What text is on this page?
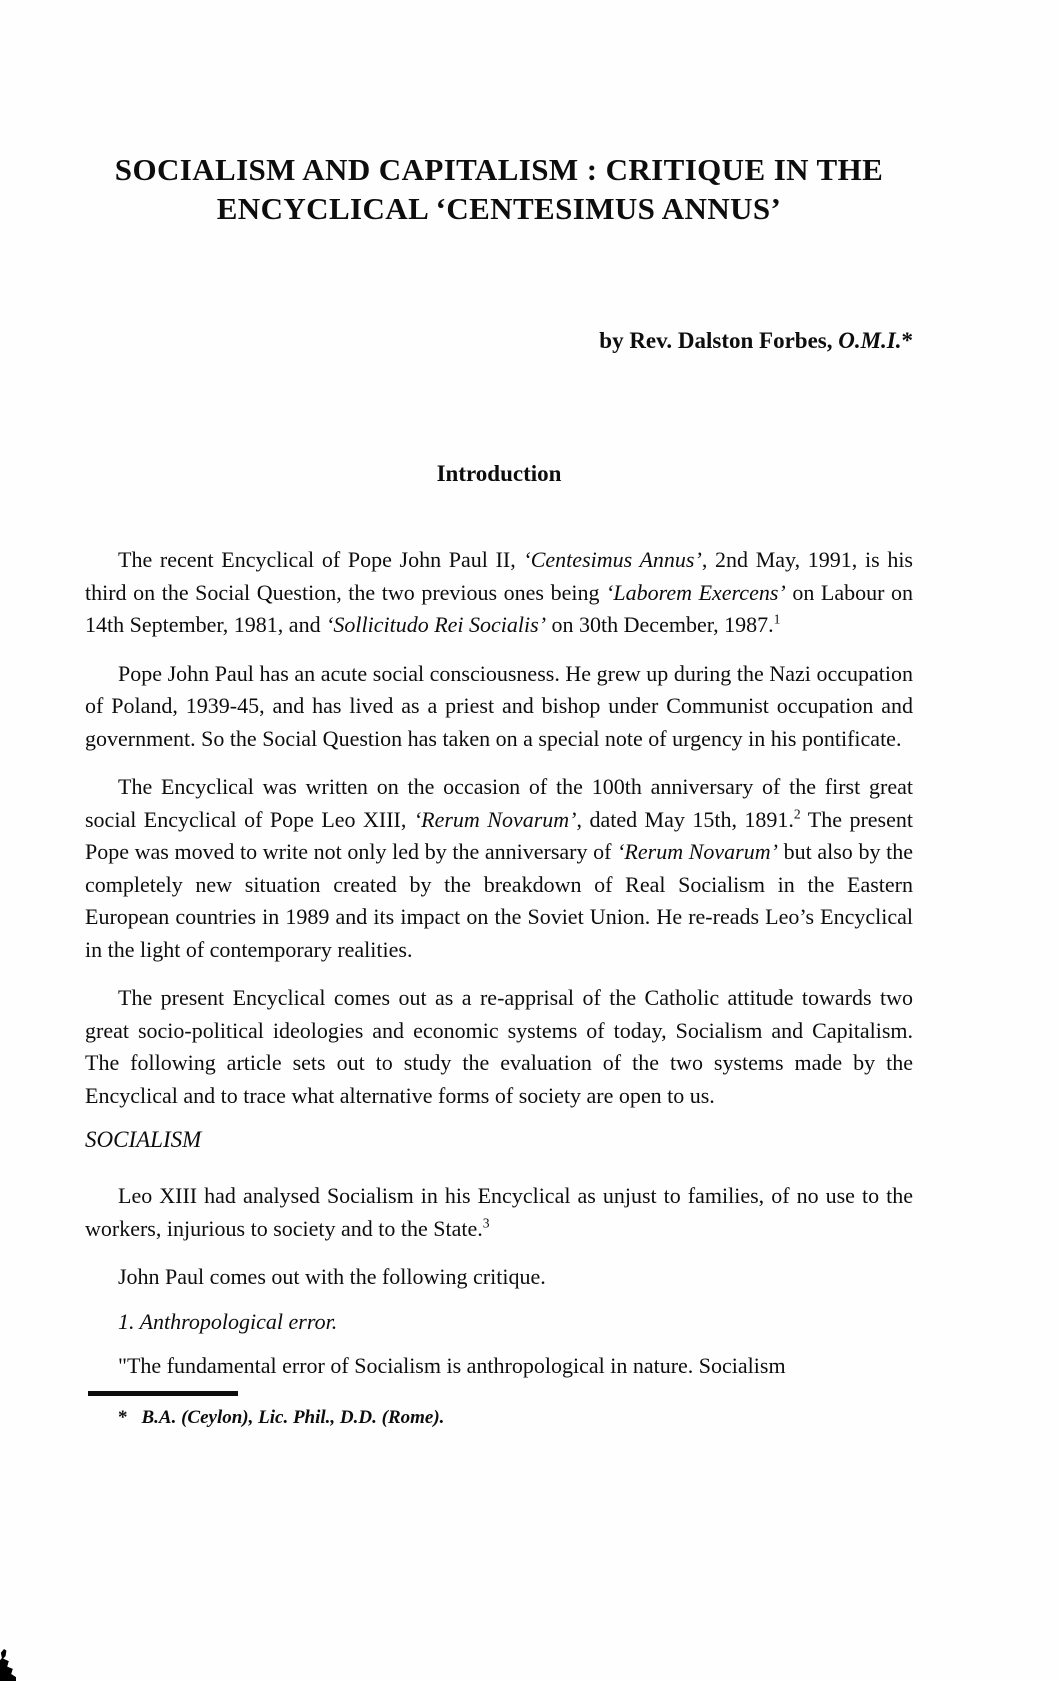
SOCIALISM AND CAPITALISM : CRITIQUE IN THE
ENCYCLICAL ‘CENTESIMUS ANNUS’
by Rev. Dalston Forbes, O.M.I.*
Introduction

The recent Encyclical of Pope John Paul II, ‘Centesimus Annus’, 2nd May, 1991, is his third on the Social Question, the two previous ones being ‘Laborem Exercens’ on Labour on 14th September, 1981, and ‘Sollicitudo Rei Socialis’ on 30th December, 1987.$^1$

Pope John Paul has an acute social consciousness. He grew up during the Nazi occupation of Poland, 1939-45, and has lived as a priest and bishop under Communist occupation and government. So the Social Question has taken on a special note of urgency in his pontificate.

The Encyclical was written on the occasion of the 100th anniversary of the first great social Encyclical of Pope Leo XIII, ‘Rerum Novarum’, dated May 15th, 1891.$^2$ The present Pope was moved to write not only led by the anniversary of ‘Rerum Novarum’ but also by the completely new situation created by the breakdown of Real Socialism in the Eastern European countries in 1989 and its impact on the Soviet Union. He re-reads Leo’s Encyclical in the light of contemporary realities.

The present Encyclical comes out as a re-apprisal of the Catholic attitude towards two great socio-political ideologies and economic systems of today, Socialism and Capitalism. The following article sets out to study the evaluation of the two systems made by the Encyclical and to trace what alternative forms of society are open to us.

SOCIALISM

Leo XIII had analysed Socialism in his Encyclical as unjust to families, of no use to the workers, injurious to society and to the State.$^3$

John Paul comes out with the following critique.

1. Anthropological error.

"The fundamental error of Socialism is anthropological in nature. Socialism

* B.A. (Ceylon), Lic. Phil., D.D. (Rome).
